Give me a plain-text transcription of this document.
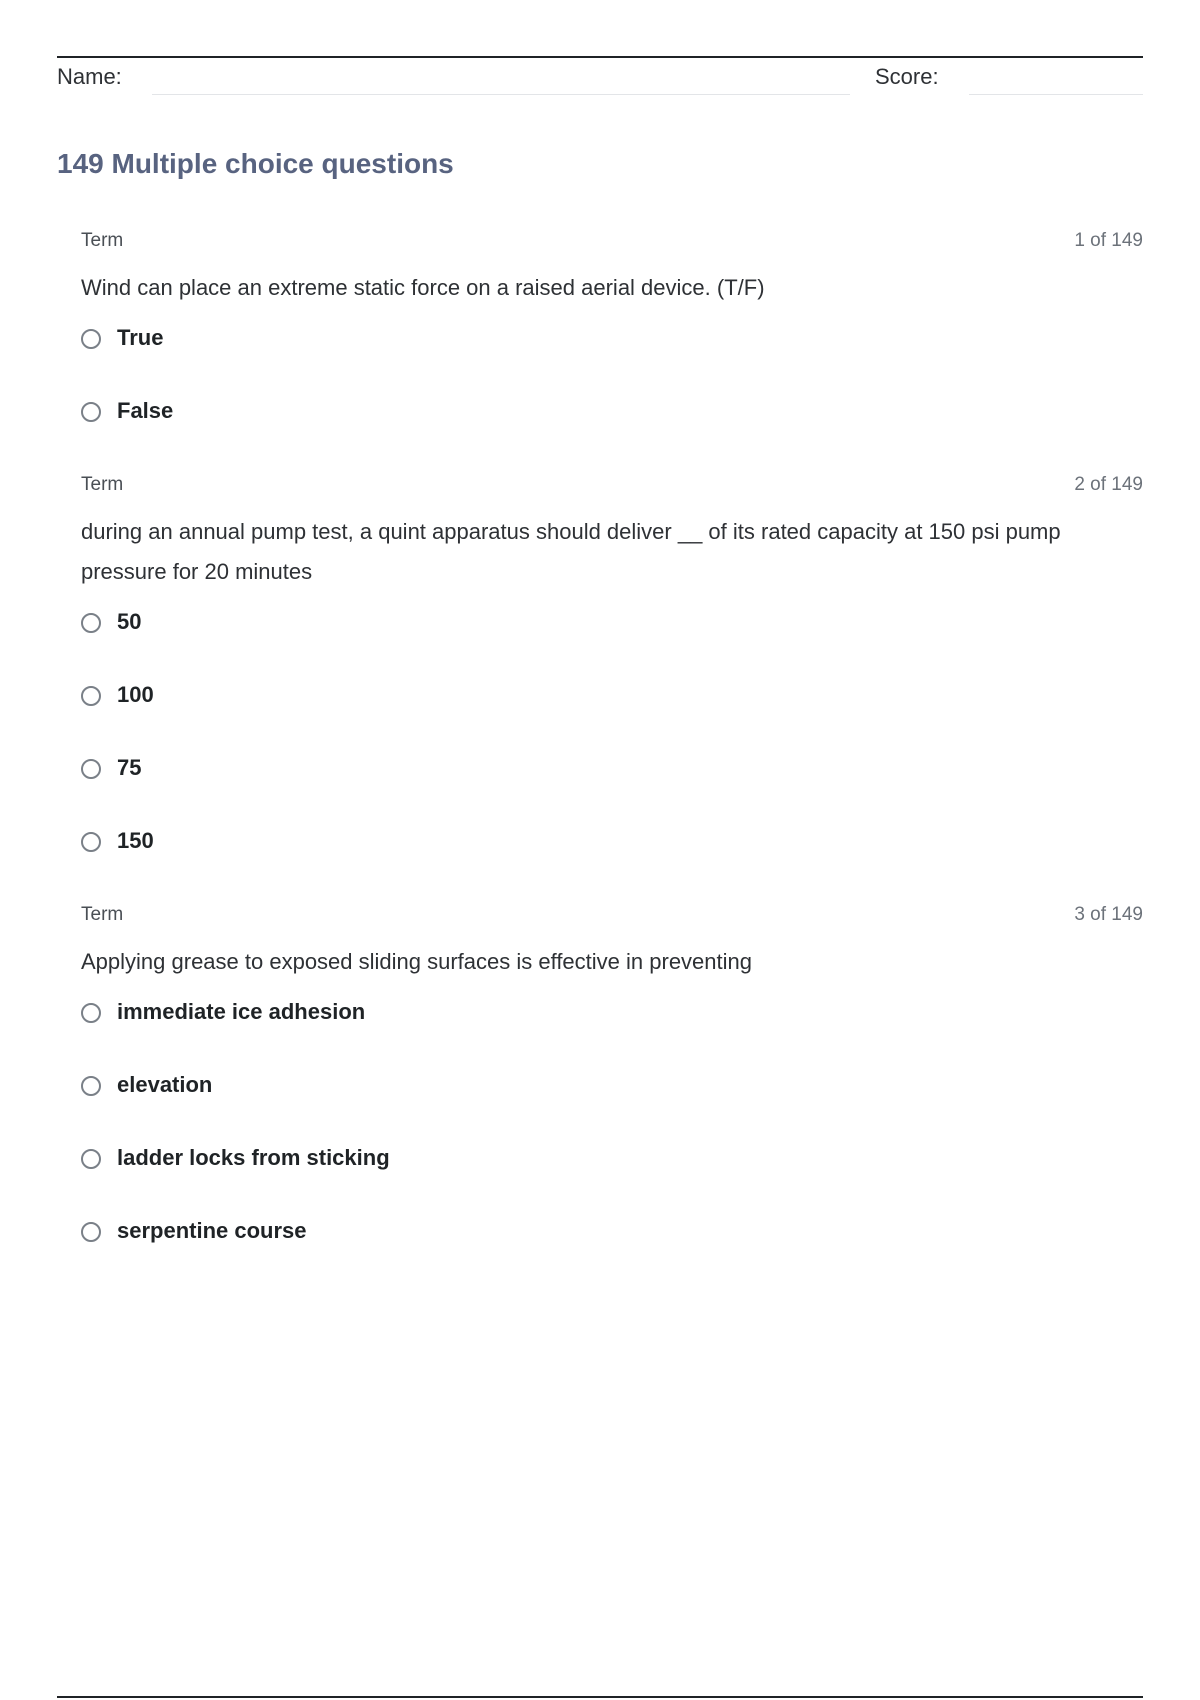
Name:	Score:
149 Multiple choice questions
Term	1 of 149
Wind can place an extreme static force on a raised aerial device. (T/F)
True
False
Term	2 of 149
during an annual pump test, a quint apparatus should deliver __ of its rated capacity at 150 psi pump pressure for 20 minutes
50
100
75
150
Term	3 of 149
Applying grease to exposed sliding surfaces is effective in preventing
immediate ice adhesion
elevation
ladder locks from sticking
serpentine course
